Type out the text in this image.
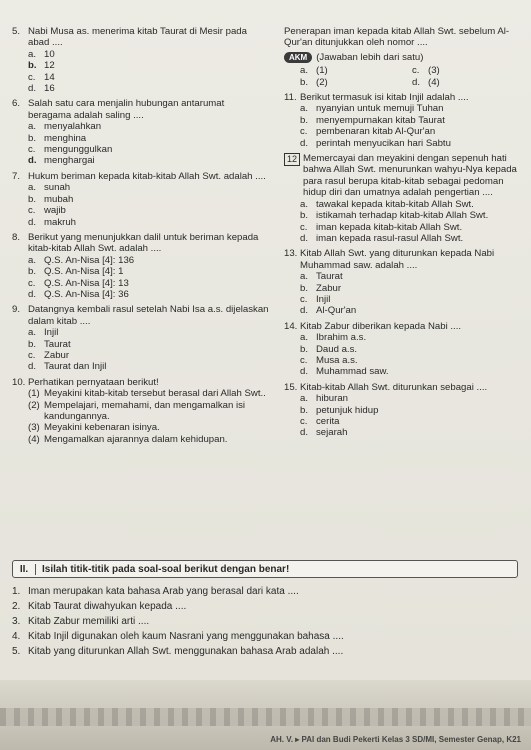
5. Nabi Musa as. menerima kitab Taurat di Mesir pada abad ....
a. 10
b. 12
c. 14
d. 16
6. Salah satu cara menjalin hubungan antarumat beragama adalah saling ....
a. menyalahkan
b. menghina
c. mengunggulkan
d. menghargai
7. Hukum beriman kepada kitab-kitab Allah Swt. adalah ....
a. sunah
b. mubah
c. wajib
d. makruh
8. Berikut yang menunjukkan dalil untuk beriman kepada kitab-kitab Allah Swt. adalah ....
a. Q.S. An-Nisa [4]: 136
b. Q.S. An-Nisa [4]: 1
c. Q.S. An-Nisa [4]: 13
d. Q.S. An-Nisa [4]: 36
9. Datangnya kembali rasul setelah Nabi Isa a.s. dijelaskan dalam kitab ....
a. Injil
b. Taurat
c. Zabur
d. Taurat dan Injil
10. Perhatikan pernyataan berikut!
(1) Meyakini kitab-kitab tersebut berasal dari Allah Swt..
(2) Mempelajari, memahami, dan mengamalkan isi kandungannya.
(3) Meyakini kebenaran isinya.
(4) Mengamalkan ajarannya dalam kehidupan.
Penerapan iman kepada kitab Allah Swt. sebelum Al-Qur'an ditunjukkan oleh nomor ....
AKM (Jawaban lebih dari satu)
a. (1)	c. (3)
b. (2)	d. (4)
11. Berikut termasuk isi kitab Injil adalah ....
a. nyanyian untuk memuji Tuhan
b. menyempurnakan kitab Taurat
c. pembenaran kitab Al-Qur'an
d. perintah menyucikan hari Sabtu
12 Memercayai dan meyakini dengan sepenuh hati bahwa Allah Swt. menurunkan wahyu-Nya kepada para rasul berupa kitab-kitab sebagai pedoman hidup diri dan umatnya adalah pengertian ....
a. tawakal kepada kitab-kitab Allah Swt.
b. istikamah terhadap kitab-kitab Allah Swt.
c. iman kepada kitab-kitab Allah Swt.
d. iman kepada rasul-rasul Allah Swt.
13. Kitab Allah Swt. yang diturunkan kepada Nabi Muhammad saw. adalah ....
a. Taurat
b. Zabur
c. Injil
d. Al-Qur'an
14. Kitab Zabur diberikan kepada Nabi ....
a. Ibrahim a.s.
b. Daud a.s.
c. Musa a.s.
d. Muhammad saw.
15. Kitab-kitab Allah Swt. diturunkan sebagai ....
a. hiburan
b. petunjuk hidup
c. cerita
d. sejarah
II.	Isilah titik-titik pada soal-soal berikut dengan benar!
1. Iman merupakan kata bahasa Arab yang berasal dari kata ....
2. Kitab Taurat diwahyukan kepada ....
3. Kitab Zabur memiliki arti ....
4. Kitab Injil digunakan oleh kaum Nasrani yang menggunakan bahasa ....
5. Kitab yang diturunkan Allah Swt. menggunakan bahasa Arab adalah ....
AH. V. ▸ PAI dan Budi Pekerti Kelas 3 SD/MI, Semester Genap, K21
